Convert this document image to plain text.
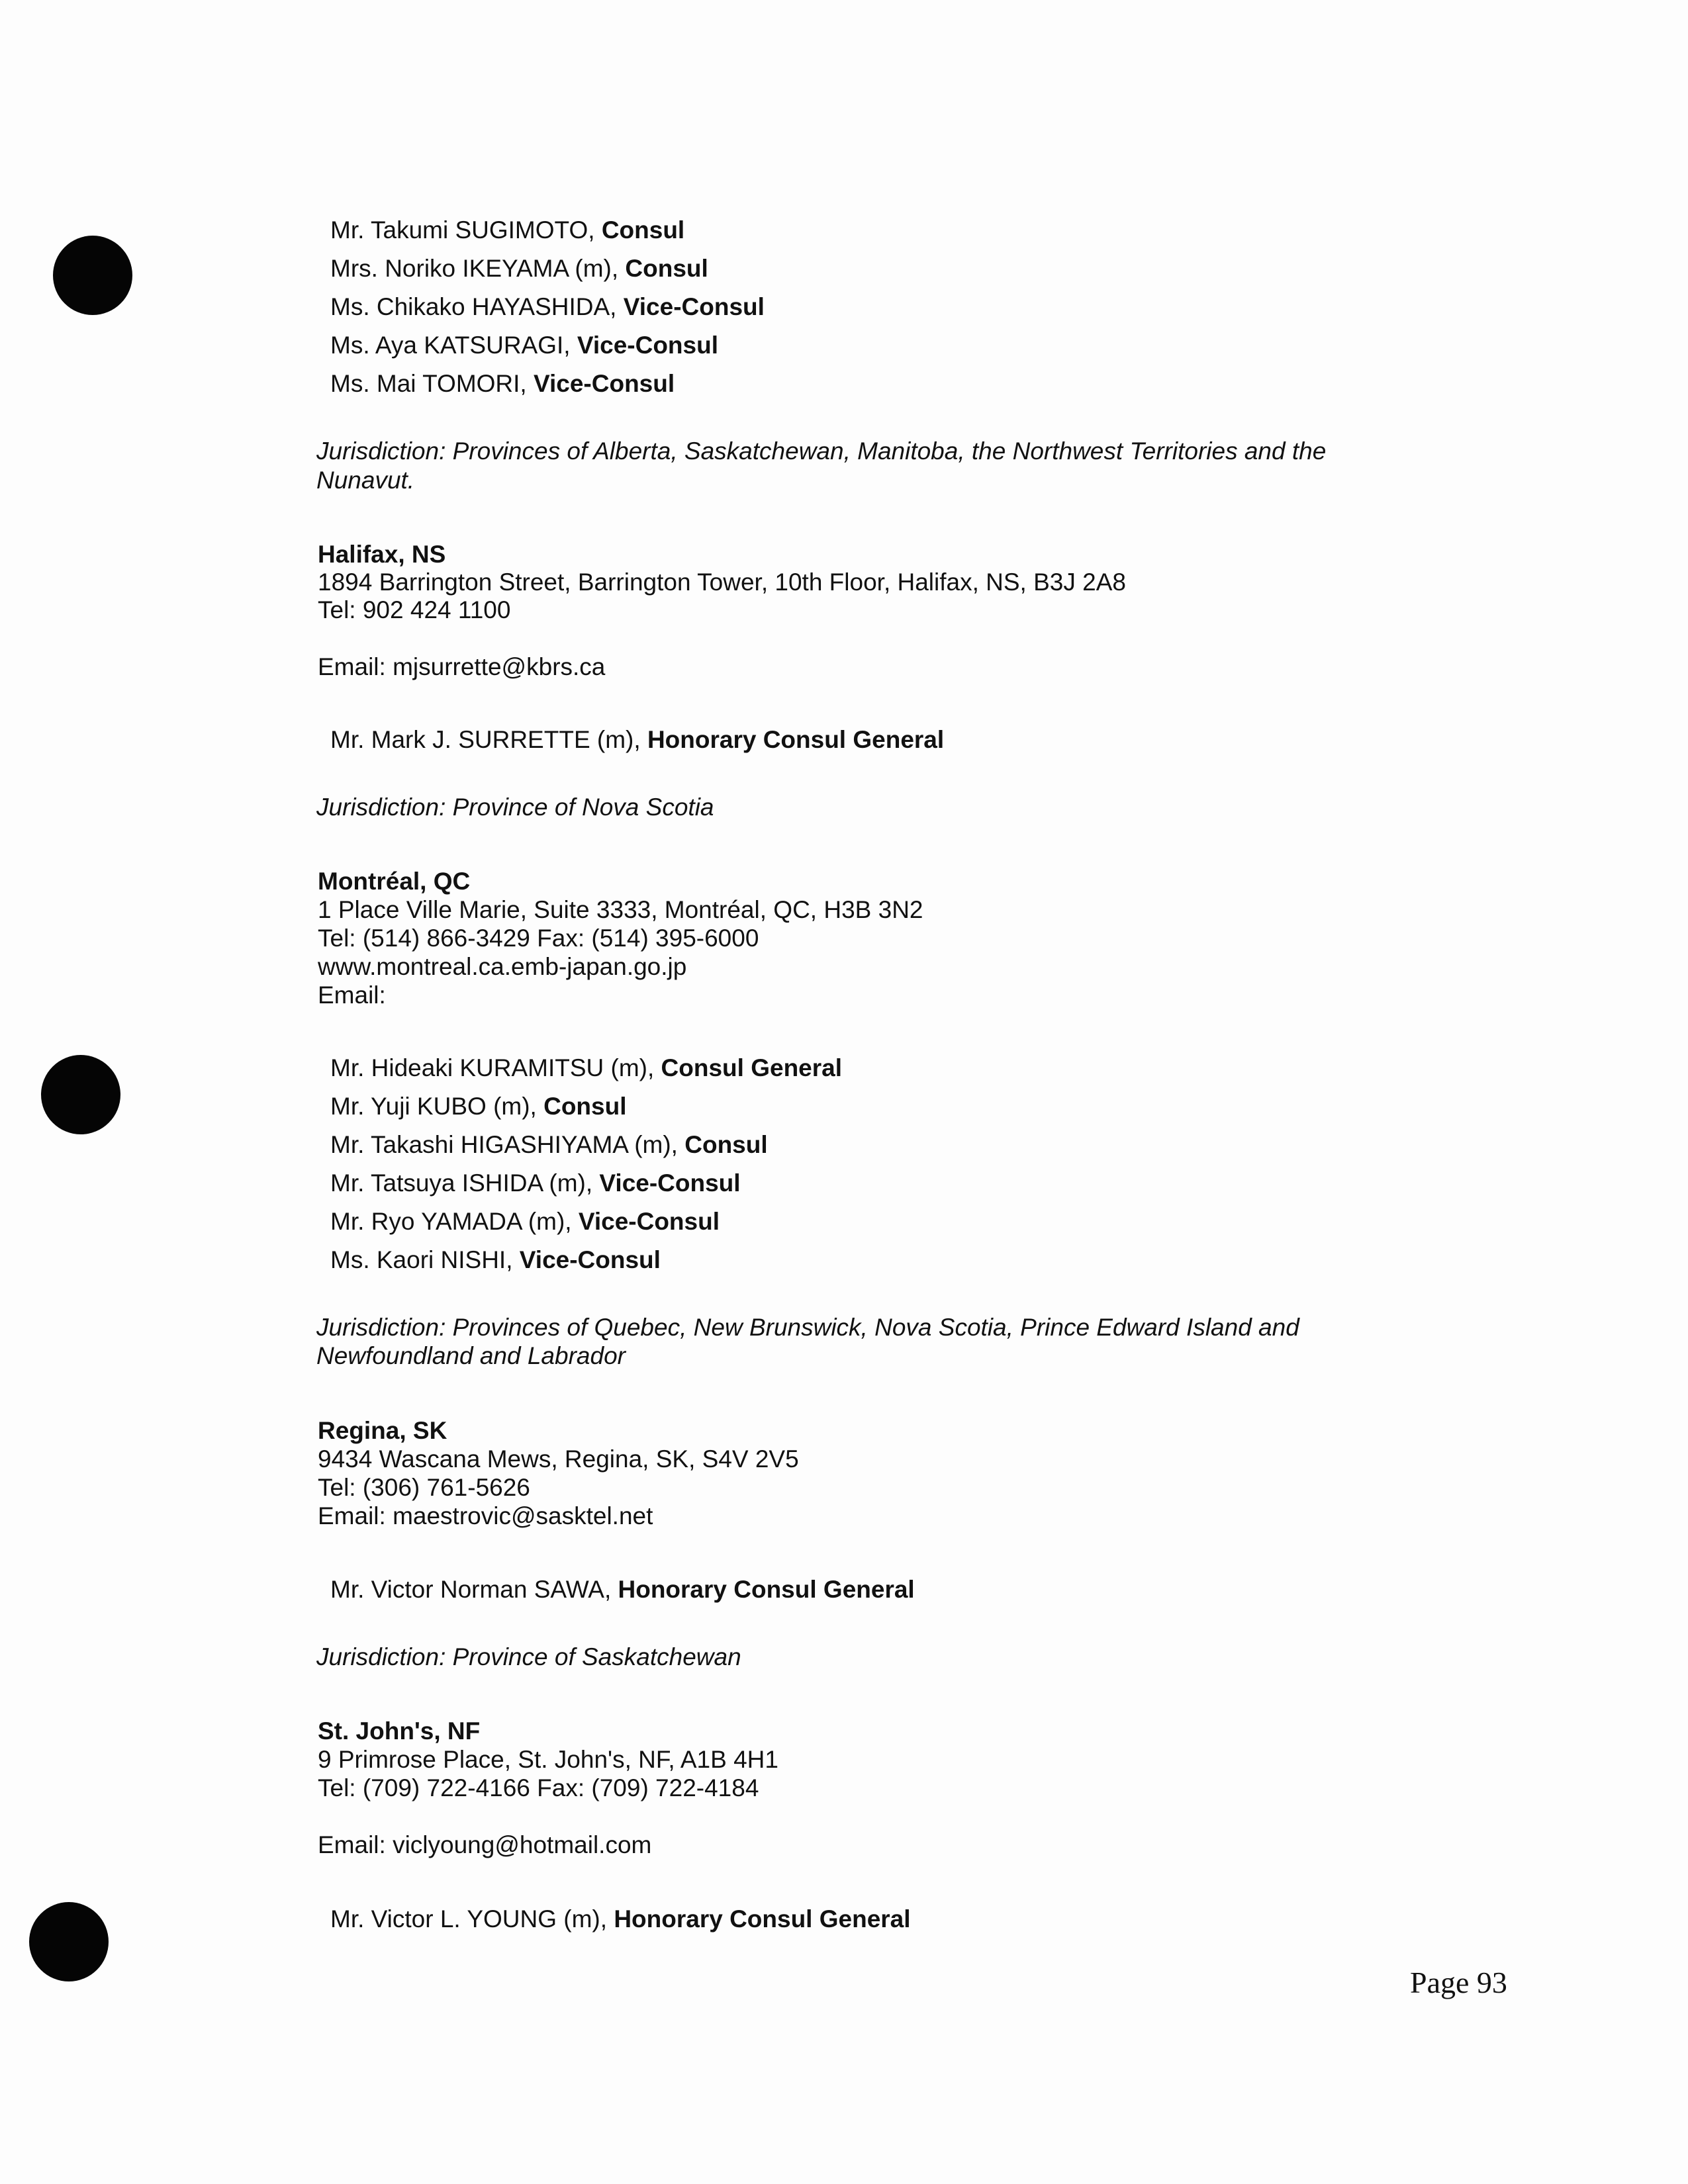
Mr. Takumi SUGIMOTO, Consul
Mrs. Noriko IKEYAMA (m), Consul
Ms. Chikako HAYASHIDA, Vice-Consul
Ms. Aya KATSURAGI, Vice-Consul
Ms. Mai TOMORI, Vice-Consul
Jurisdiction: Provinces of Alberta, Saskatchewan, Manitoba, the Northwest Territories and the
Nunavut.
Halifax, NS
1894 Barrington Street, Barrington Tower, 10th Floor, Halifax, NS, B3J 2A8
Tel: 902 424 1100
Email: mjsurrette@kbrs.ca
Mr. Mark J. SURRETTE (m), Honorary Consul General
Jurisdiction: Province of Nova Scotia
Montréal, QC
1 Place Ville Marie, Suite 3333, Montréal, QC, H3B 3N2
Tel: (514) 866-3429 Fax: (514) 395-6000
www.montreal.ca.emb-japan.go.jp
Email:
Mr. Hideaki KURAMITSU (m), Consul General
Mr. Yuji KUBO (m), Consul
Mr. Takashi HIGASHIYAMA (m), Consul
Mr. Tatsuya ISHIDA (m), Vice-Consul
Mr. Ryo YAMADA (m), Vice-Consul
Ms. Kaori NISHI, Vice-Consul
Jurisdiction: Provinces of Quebec, New Brunswick, Nova Scotia, Prince Edward Island and
Newfoundland and Labrador
Regina, SK
9434 Wascana Mews, Regina, SK, S4V 2V5
Tel: (306) 761-5626
Email: maestrovic@sasktel.net
Mr. Victor Norman SAWA, Honorary Consul General
Jurisdiction: Province of Saskatchewan
St. John's, NF
9 Primrose Place, St. John's, NF, A1B 4H1
Tel: (709) 722-4166 Fax: (709) 722-4184
Email: viclyoung@hotmail.com
Mr. Victor L. YOUNG (m), Honorary Consul General
Page 93
